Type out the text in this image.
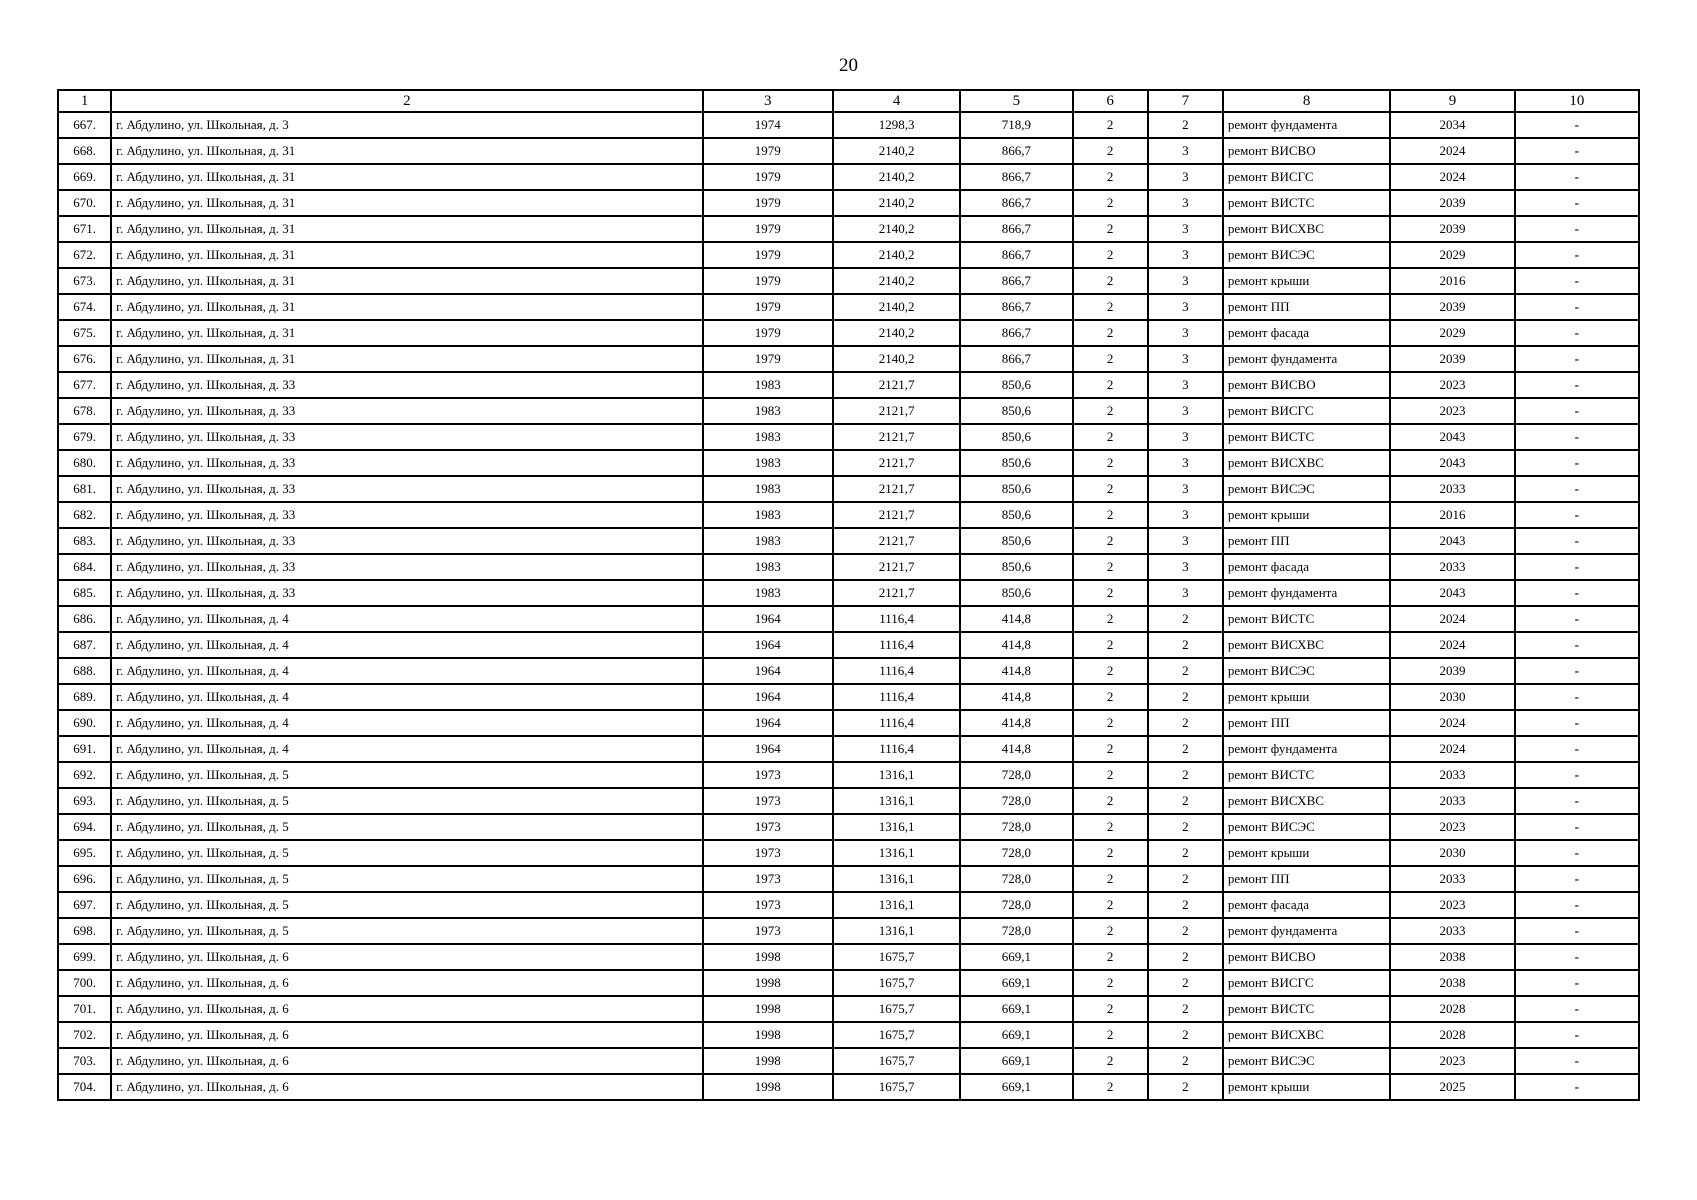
20
1	2	3	4	5	6	7	8	9	10
667.	г. Абдулино, ул. Школьная, д. 3	1974	1298,3	718,9	2	2	ремонт фундамента	2034	-
668.	г. Абдулино, ул. Школьная, д. 31	1979	2140,2	866,7	2	3	ремонт ВИСВО	2024	-
669.	г. Абдулино, ул. Школьная, д. 31	1979	2140,2	866,7	2	3	ремонт ВИСГС	2024	-
670.	г. Абдулино, ул. Школьная, д. 31	1979	2140,2	866,7	2	3	ремонт ВИСТС	2039	-
671.	г. Абдулино, ул. Школьная, д. 31	1979	2140,2	866,7	2	3	ремонт ВИСХВС	2039	-
672.	г. Абдулино, ул. Школьная, д. 31	1979	2140,2	866,7	2	3	ремонт ВИСЭС	2029	-
673.	г. Абдулино, ул. Школьная, д. 31	1979	2140,2	866,7	2	3	ремонт крыши	2016	-
674.	г. Абдулино, ул. Школьная, д. 31	1979	2140,2	866,7	2	3	ремонт ПП	2039	-
675.	г. Абдулино, ул. Школьная, д. 31	1979	2140,2	866,7	2	3	ремонт фасада	2029	-
676.	г. Абдулино, ул. Школьная, д. 31	1979	2140,2	866,7	2	3	ремонт фундамента	2039	-
677.	г. Абдулино, ул. Школьная, д. 33	1983	2121,7	850,6	2	3	ремонт ВИСВО	2023	-
678.	г. Абдулино, ул. Школьная, д. 33	1983	2121,7	850,6	2	3	ремонт ВИСГС	2023	-
679.	г. Абдулино, ул. Школьная, д. 33	1983	2121,7	850,6	2	3	ремонт ВИСТС	2043	-
680.	г. Абдулино, ул. Школьная, д. 33	1983	2121,7	850,6	2	3	ремонт ВИСХВС	2043	-
681.	г. Абдулино, ул. Школьная, д. 33	1983	2121,7	850,6	2	3	ремонт ВИСЭС	2033	-
682.	г. Абдулино, ул. Школьная, д. 33	1983	2121,7	850,6	2	3	ремонт крыши	2016	-
683.	г. Абдулино, ул. Школьная, д. 33	1983	2121,7	850,6	2	3	ремонт ПП	2043	-
684.	г. Абдулино, ул. Школьная, д. 33	1983	2121,7	850,6	2	3	ремонт фасада	2033	-
685.	г. Абдулино, ул. Школьная, д. 33	1983	2121,7	850,6	2	3	ремонт фундамента	2043	-
686.	г. Абдулино, ул. Школьная, д. 4	1964	1116,4	414,8	2	2	ремонт ВИСТС	2024	-
687.	г. Абдулино, ул. Школьная, д. 4	1964	1116,4	414,8	2	2	ремонт ВИСХВС	2024	-
688.	г. Абдулино, ул. Школьная, д. 4	1964	1116,4	414,8	2	2	ремонт ВИСЭС	2039	-
689.	г. Абдулино, ул. Школьная, д. 4	1964	1116,4	414,8	2	2	ремонт крыши	2030	-
690.	г. Абдулино, ул. Школьная, д. 4	1964	1116,4	414,8	2	2	ремонт ПП	2024	-
691.	г. Абдулино, ул. Школьная, д. 4	1964	1116,4	414,8	2	2	ремонт фундамента	2024	-
692.	г. Абдулино, ул. Школьная, д. 5	1973	1316,1	728,0	2	2	ремонт ВИСТС	2033	-
693.	г. Абдулино, ул. Школьная, д. 5	1973	1316,1	728,0	2	2	ремонт ВИСХВС	2033	-
694.	г. Абдулино, ул. Школьная, д. 5	1973	1316,1	728,0	2	2	ремонт ВИСЭС	2023	-
695.	г. Абдулино, ул. Школьная, д. 5	1973	1316,1	728,0	2	2	ремонт крыши	2030	-
696.	г. Абдулино, ул. Школьная, д. 5	1973	1316,1	728,0	2	2	ремонт ПП	2033	-
697.	г. Абдулино, ул. Школьная, д. 5	1973	1316,1	728,0	2	2	ремонт фасада	2023	-
698.	г. Абдулино, ул. Школьная, д. 5	1973	1316,1	728,0	2	2	ремонт фундамента	2033	-
699.	г. Абдулино, ул. Школьная, д. 6	1998	1675,7	669,1	2	2	ремонт ВИСВО	2038	-
700.	г. Абдулино, ул. Школьная, д. 6	1998	1675,7	669,1	2	2	ремонт ВИСГС	2038	-
701.	г. Абдулино, ул. Школьная, д. 6	1998	1675,7	669,1	2	2	ремонт ВИСТС	2028	-
702.	г. Абдулино, ул. Школьная, д. 6	1998	1675,7	669,1	2	2	ремонт ВИСХВС	2028	-
703.	г. Абдулино, ул. Школьная, д. 6	1998	1675,7	669,1	2	2	ремонт ВИСЭС	2023	-
704.	г. Абдулино, ул. Школьная, д. 6	1998	1675,7	669,1	2	2	ремонт крыши	2025	-
